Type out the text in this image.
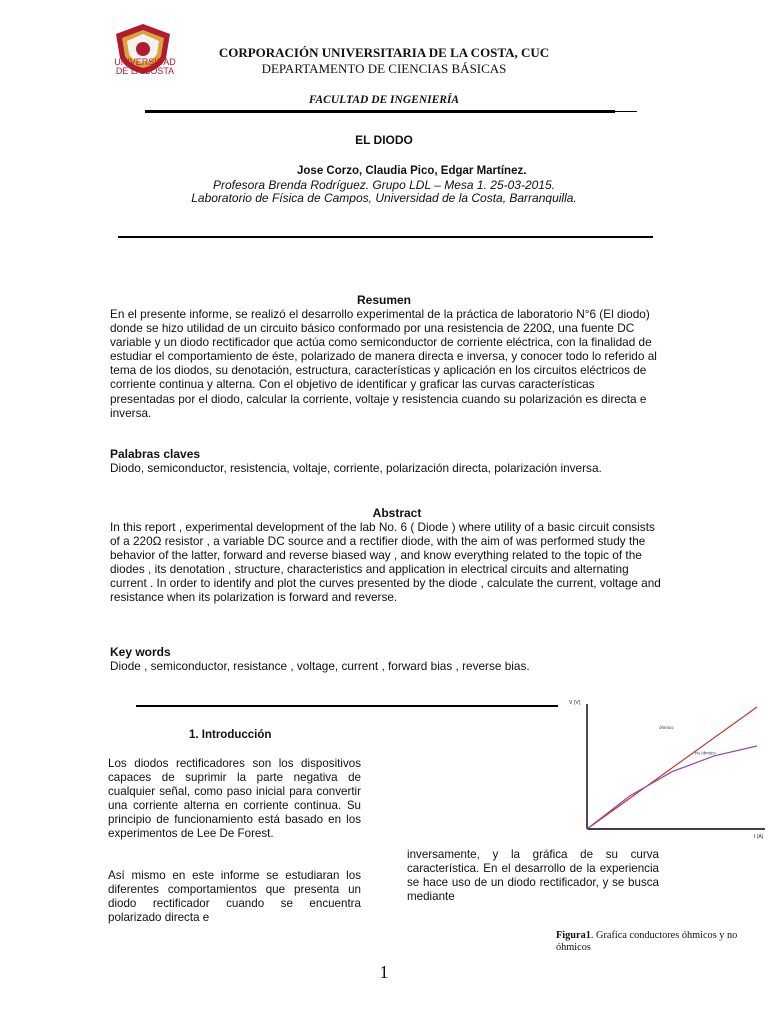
UNIVERSIDAD
DE LA COSTA
CORPORACIÓN UNIVERSITARIA DE LA COSTA, CUC
DEPARTAMENTO DE CIENCIAS BÁSICAS
FACULTAD DE INGENIERÍA
EL DIODO
Jose Corzo, Claudia Pico, Edgar Martínez.
Profesora Brenda Rodríguez. Grupo LDL – Mesa 1. 25-03-2015.
Laboratorio de Física de Campos, Universidad de la Costa, Barranquilla.
Resumen
En el presente informe, se realizó el desarrollo experimental de la práctica de laboratorio N°6 (El diodo) donde se hizo utilidad de un circuito básico conformado por una resistencia de 220Ω, una fuente DC variable y un diodo rectificador que actúa como semiconductor de corriente eléctrica, con la finalidad de estudiar el comportamiento de éste, polarizado de manera directa e inversa, y conocer todo lo referido al tema de los diodos, su denotación, estructura, características y aplicación en los circuitos eléctricos de corriente continua y alterna. Con el objetivo de identificar y graficar las curvas características presentadas por el diodo, calcular la corriente, voltaje y resistencia cuando su polarización es directa e inversa.
Palabras claves
Diodo, semiconductor, resistencia, voltaje, corriente, polarización directa, polarización inversa.
Abstract
In this report , experimental development of the lab No. 6 ( Diode ) where utility of a basic circuit consists of a 220Ω resistor , a variable DC source and a rectifier diode, with the aim of was performed study the behavior of the latter, forward and reverse biased way , and know everything related to the topic of the diodes , its denotation , structure, characteristics and application in electrical circuits and alternating current . In order to identify and plot the curves presented by the diode , calculate the current, voltage and resistance when its polarization is forward and reverse.
Key words
Diode , semiconductor, resistance , voltage, current , forward bias , reverse bias.
1. Introducción
Los diodos rectificadores son los dispositivos capaces de suprimir la parte negativa de cualquier señal, como paso inicial para convertir una corriente alterna en corriente continua. Su principio de funcionamiento está basado en los experimentos de Lee De Forest.
Así mismo en este informe se estudiaran los diferentes comportamientos que presenta un diodo rectificador cuando se encuentra polarizado directa e
inversamente, y la gráfica de su curva característica. En el desarrollo de la experiencia se hace uso de un diodo rectificador, y se busca mediante
V (V)
I (A)
óhmico
no óhmico
Figura1. Grafica conductores óhmicos y no óhmicos
1
